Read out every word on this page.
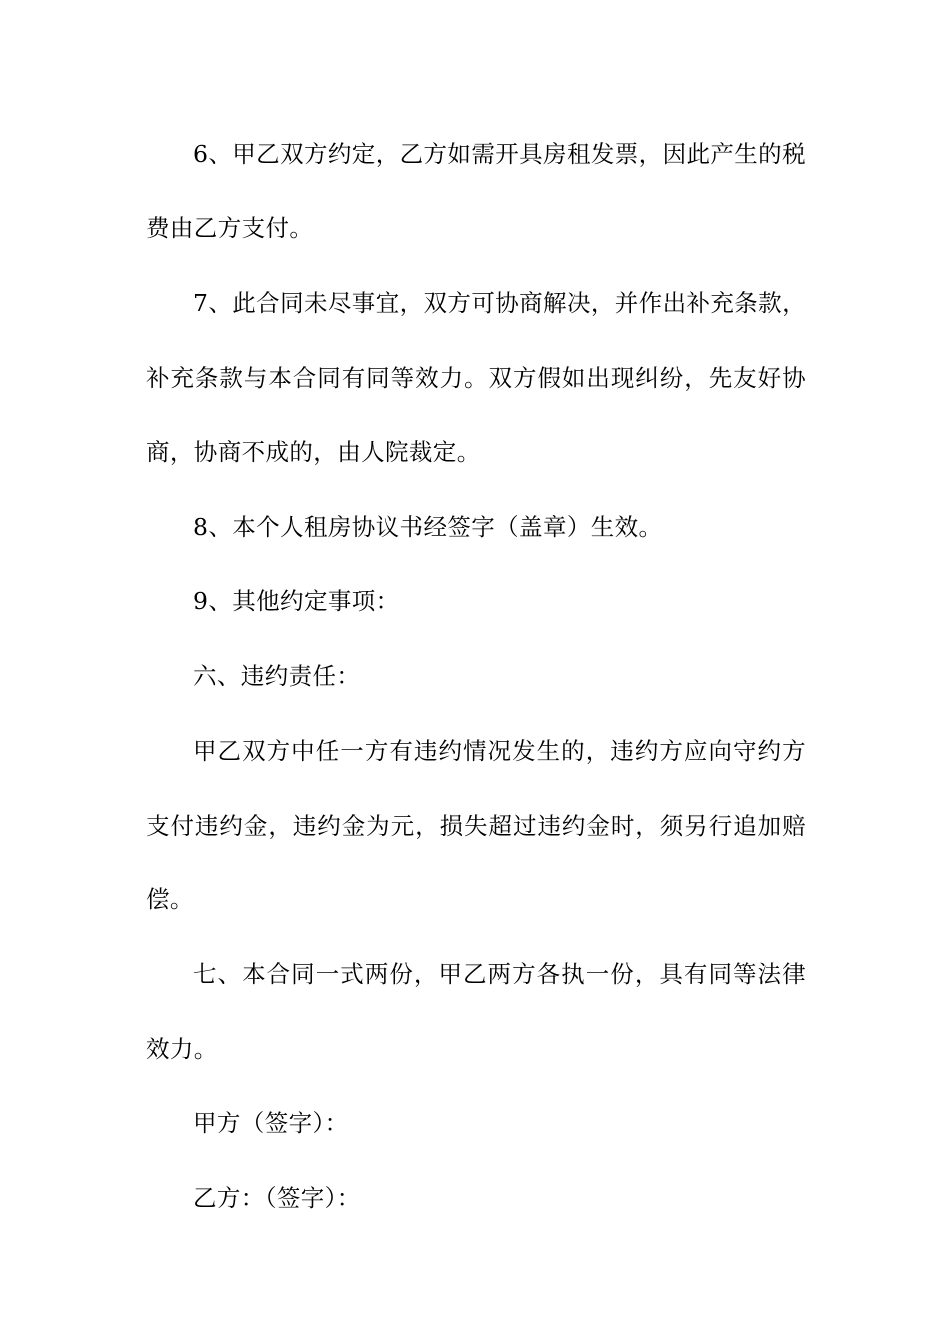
6、甲乙双方约定，乙方如需开具房租发票，因此产生的税
费由乙方支付。
7、此合同未尽事宜，双方可协商解决，并作出补充条款，
补充条款与本合同有同等效力。双方假如出现纠纷，先友好协
商，协商不成的，由人院裁定。
8、本个人租房协议书经签字（盖章）生效。
9、其他约定事项：
六、违约责任：
甲乙双方中任一方有违约情况发生的，违约方应向守约方
支付违约金，违约金为元，损失超过违约金时，须另行追加赔
偿。
七、本合同一式两份，甲乙两方各执一份，具有同等法律
效力。
甲方（签字）：
乙方：（签字）：
